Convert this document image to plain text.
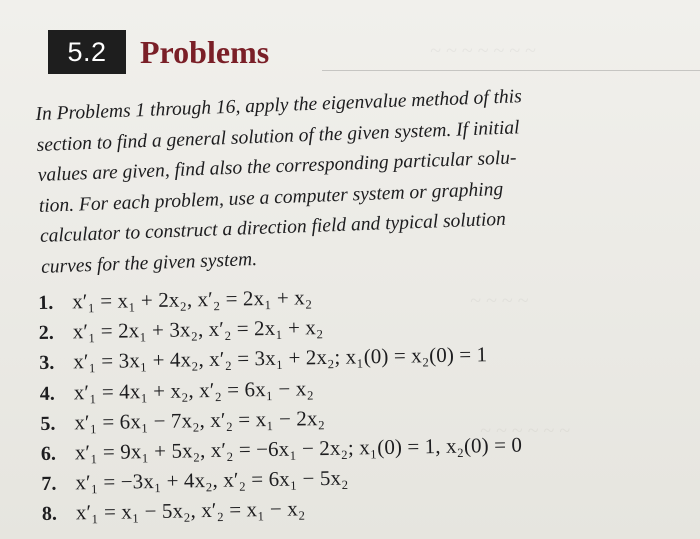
~ ~ ~ ~ ~ ~ ~
~ ~ ~ ~
~ ~ ~ ~ ~ ~
5.2	Problems
In Problems 1 through 16, apply the eigenvalue method of this
section to find a general solution of the given system. If initial
values are given, find also the corresponding particular solu-
tion. For each problem, use a computer system or graphing
calculator to construct a direction field and typical solution
curves for the given system.
1. x′₁ = x₁ + 2x₂, x′₂ = 2x₁ + x₂
2. x′₁ = 2x₁ + 3x₂, x′₂ = 2x₁ + x₂
3. x′₁ = 3x₁ + 4x₂, x′₂ = 3x₁ + 2x₂; x₁(0) = x₂(0) = 1
4. x′₁ = 4x₁ + x₂, x′₂ = 6x₁ − x₂
5. x′₁ = 6x₁ − 7x₂, x′₂ = x₁ − 2x₂
6. x′₁ = 9x₁ + 5x₂, x′₂ = −6x₁ − 2x₂; x₁(0) = 1, x₂(0) = 0
7. x′₁ = −3x₁ + 4x₂, x′₂ = 6x₁ − 5x₂
8. x′₁ = x₁ − 5x₂, x′₂ = x₁ − x₂
